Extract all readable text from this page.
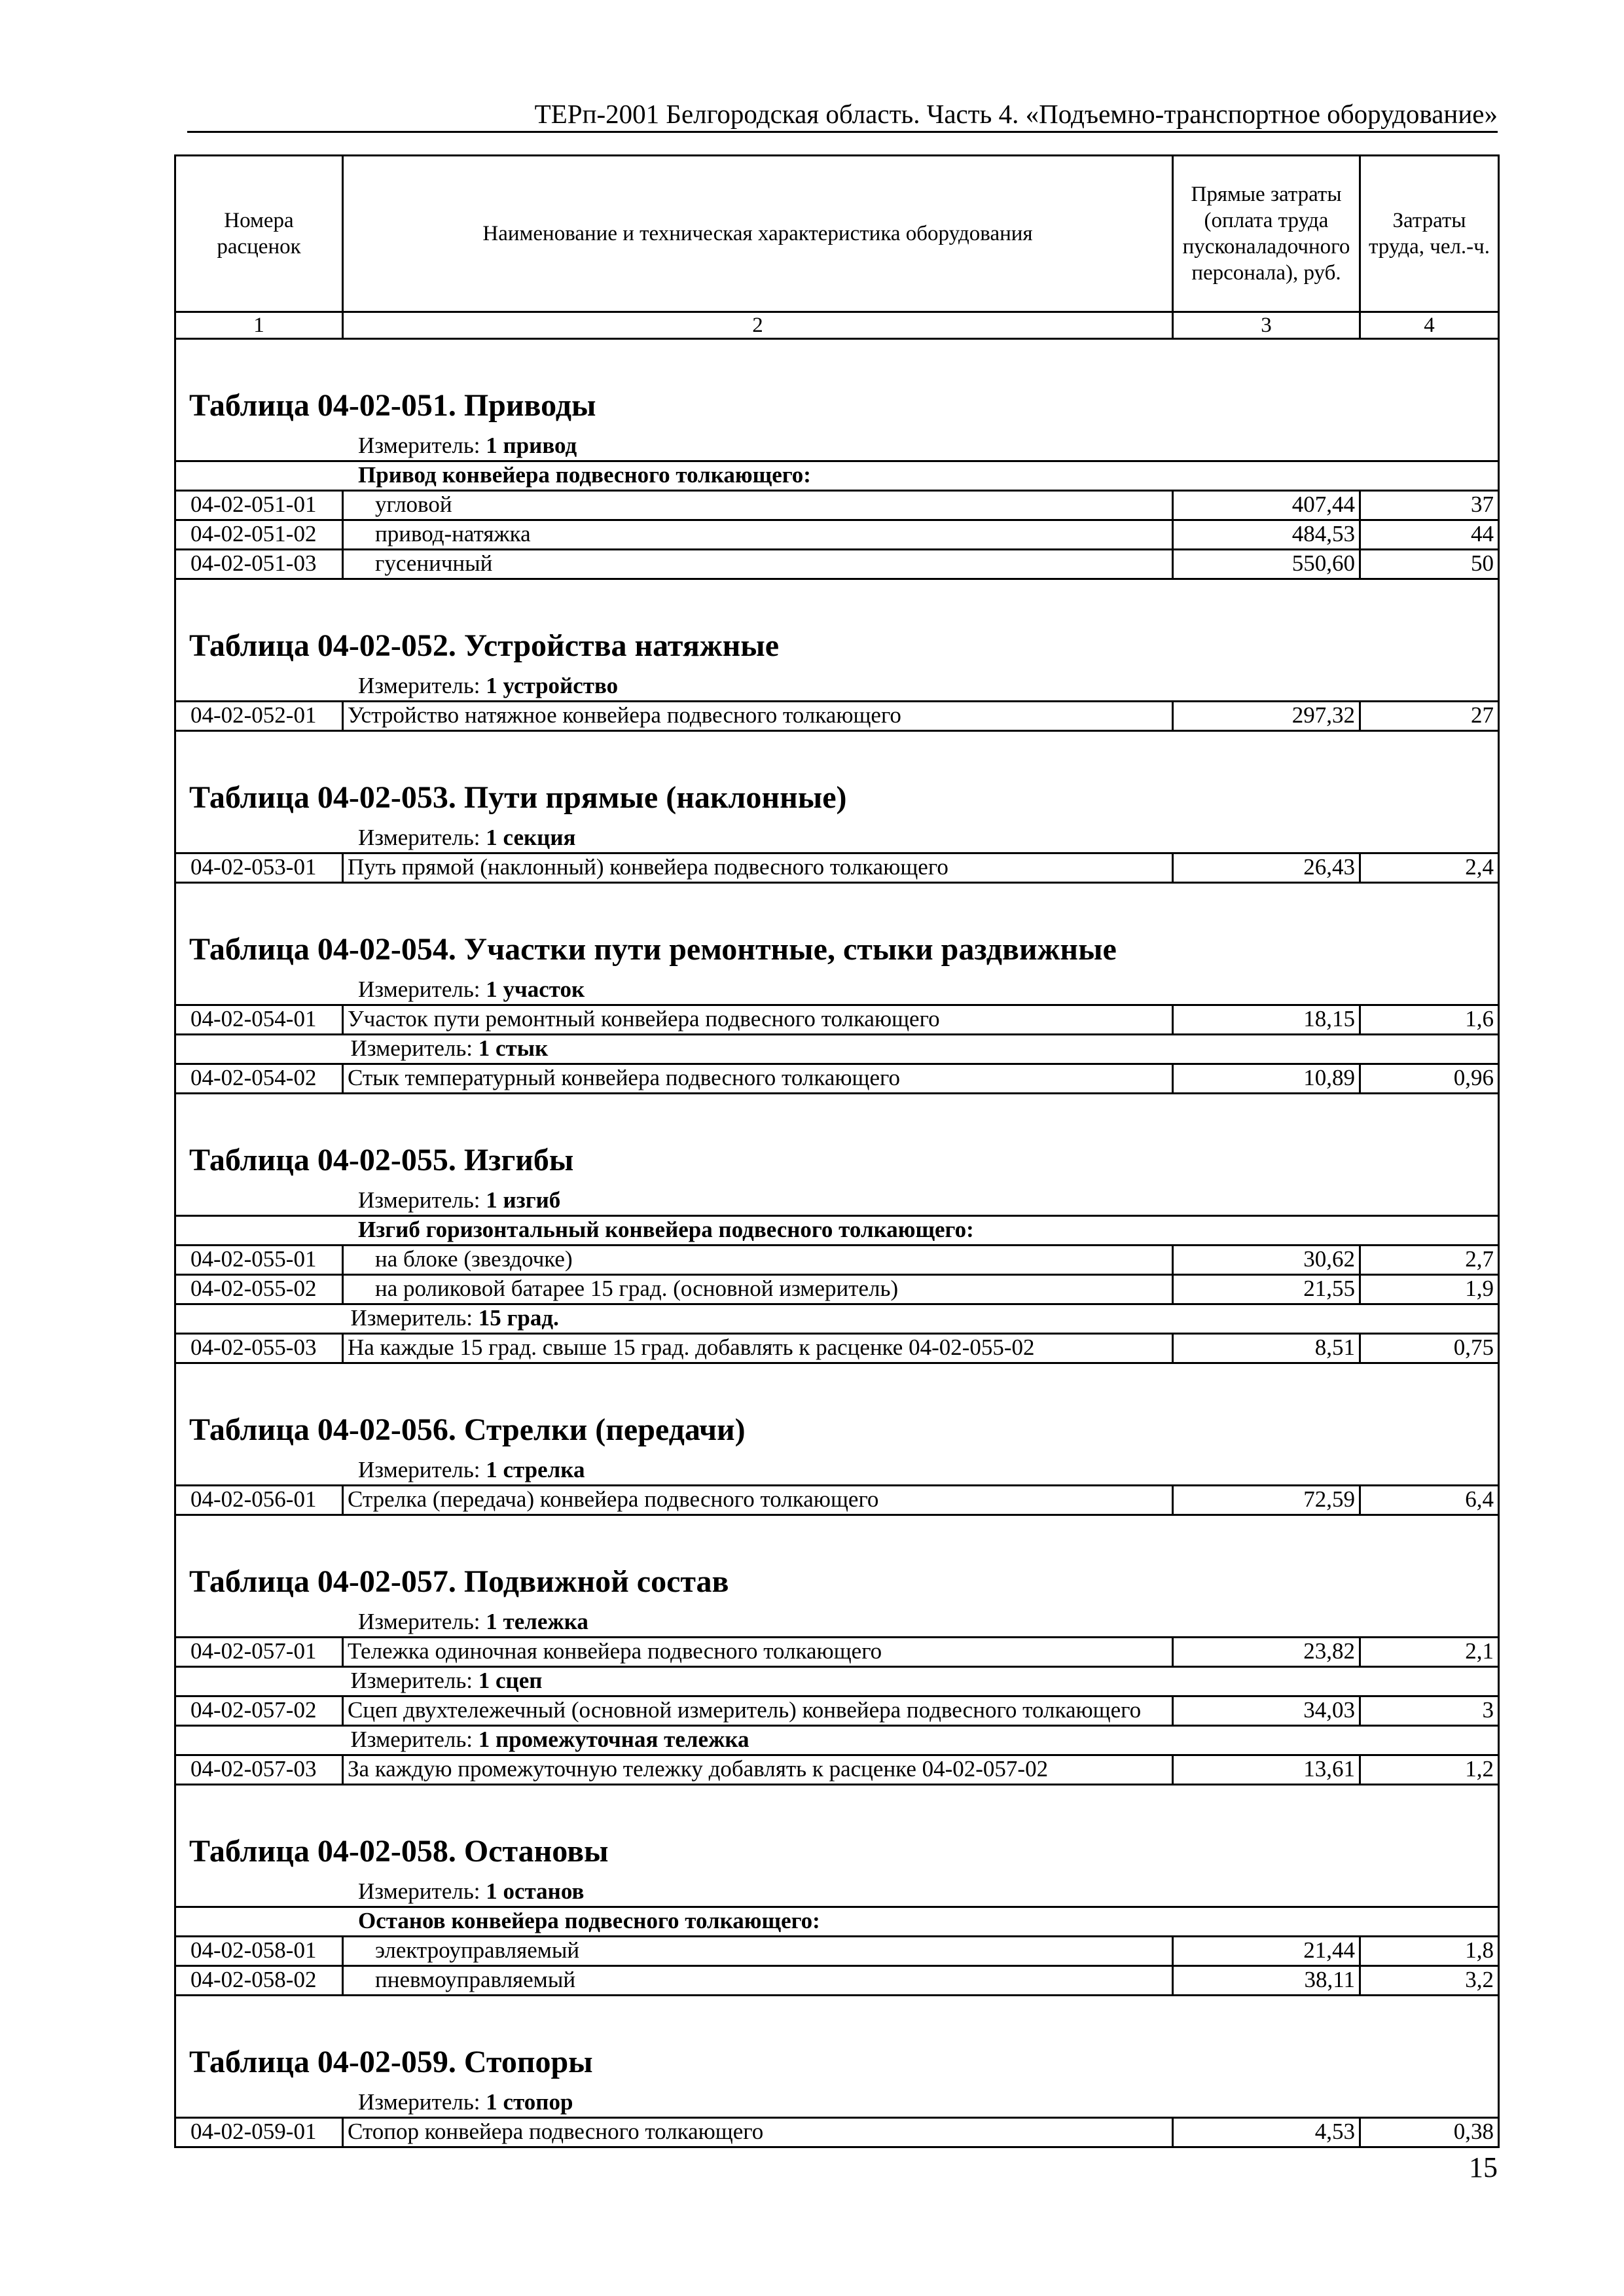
ТЕРп-2001 Белгородская область. Часть 4. «Подъемно-транспортное оборудование»
Номера расценок	Наименование и техническая характеристика оборудования	Прямые затраты (оплата труда пусконаладочного персонала), руб.	Затраты труда, чел.-ч.
1	2	3	4
Таблица 04-02-051. Приводы			
Измеритель: 1 привод			
Привод конвейера подвесного толкающего:			
04-02-051-01	угловой	407,44	37
04-02-051-02	привод-натяжка	484,53	44
04-02-051-03	гусеничный	550,60	50
Таблица 04-02-052. Устройства натяжные			
Измеритель: 1 устройство			
04-02-052-01	Устройство натяжное конвейера подвесного толкающего	297,32	27
Таблица 04-02-053. Пути прямые (наклонные)			
Измеритель: 1 секция			
04-02-053-01	Путь прямой (наклонный) конвейера подвесного толкающего	26,43	2,4
Таблица 04-02-054. Участки пути ремонтные, стыки раздвижные			
Измеритель: 1 участок			
04-02-054-01	Участок пути ремонтный конвейера подвесного толкающего	18,15	1,6
	Измеритель: 1 стык		
04-02-054-02	Стык температурный конвейера подвесного толкающего	10,89	0,96
Таблица 04-02-055. Изгибы			
Измеритель: 1 изгиб			
Изгиб горизонтальный конвейера подвесного толкающего:			
04-02-055-01	на блоке (звездочке)	30,62	2,7
04-02-055-02	на роликовой батарее 15 град. (основной измеритель)	21,55	1,9
	Измеритель: 15 град.		
04-02-055-03	На каждые 15 град. свыше 15 град. добавлять к расценке 04-02-055-02	8,51	0,75
Таблица 04-02-056. Стрелки (передачи)			
Измеритель: 1 стрелка			
04-02-056-01	Стрелка (передача) конвейера подвесного толкающего	72,59	6,4
Таблица 04-02-057. Подвижной состав			
Измеритель: 1 тележка			
04-02-057-01	Тележка одиночная конвейера подвесного толкающего	23,82	2,1
	Измеритель: 1 сцеп		
04-02-057-02	Сцеп двухтележечный (основной измеритель) конвейера подвесного толкающего	34,03	3
	Измеритель: 1 промежуточная тележка		
04-02-057-03	За каждую промежуточную тележку добавлять к расценке 04-02-057-02	13,61	1,2
Таблица 04-02-058. Остановы			
Измеритель: 1 останов			
Останов конвейера подвесного толкающего:			
04-02-058-01	электроуправляемый	21,44	1,8
04-02-058-02	пневмоуправляемый	38,11	3,2
Таблица 04-02-059. Стопоры			
Измеритель: 1 стопор			
04-02-059-01	Стопор конвейера подвесного толкающего	4,53	0,38
15
